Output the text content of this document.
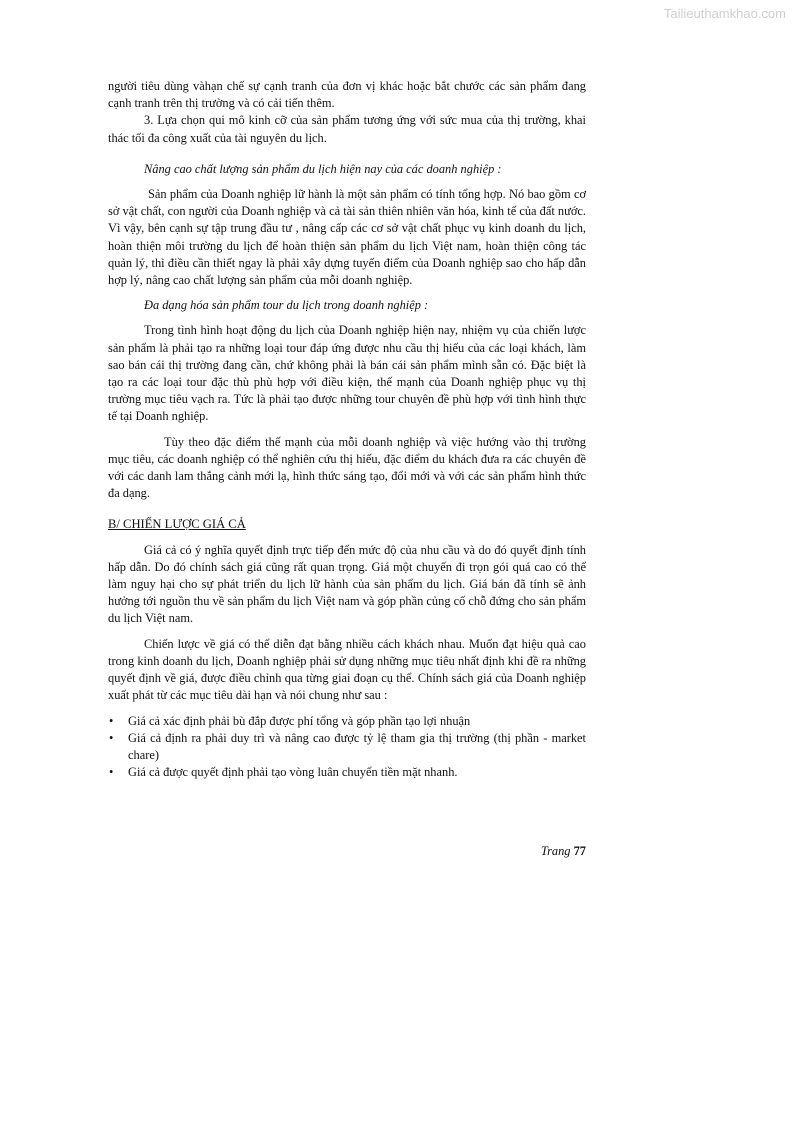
Tailieuthamkhao.com

người tiêu dùng vàhạn chế sự cạnh tranh của đơn vị khác hoặc bắt chước các sản phẩm đang cạnh tranh trên thị trường và có cải tiến thêm.

3. Lựa chọn qui mô kinh cỡ của sản phẩm tương ứng với sức mua của thị trường, khai thác tối đa công xuất của tài nguyên du lịch.

Nâng cao chất lượng sản phẩm du lịch hiện nay của các doanh nghiệp :

Sản phẩm của Doanh nghiệp lữ hành là một sản phẩm có tính tổng hợp. Nó bao gồm cơ sở vật chất, con người của Doanh nghiệp và cả tài sản thiên nhiên văn hóa, kinh tế của đất nước. Vì vậy, bên cạnh sự tập trung đầu tư , nâng cấp các cơ sở vật chất phục vụ kinh doanh du lịch, hoàn thiện môi trường du lịch để hoàn thiện sản phẩm du lịch Việt nam, hoàn thiện công tác quản lý, thì điều cần thiết ngay là phải xây dựng tuyến điểm của Doanh nghiệp sao cho hấp dẫn hợp lý, nâng cao chất lượng sản phẩm của mỗi doanh nghiệp.

Đa dạng hóa sản phẩm tour du lịch trong doanh nghiệp :

Trong tình hình hoạt động du lịch của Doanh nghiệp hiện nay, nhiệm vụ của chiến lược sản phẩm là phải tạo ra những loại tour đáp ứng được nhu cầu thị hiếu của các loại khách, làm sao bán cái thị trường đang cần, chứ không phải là bán cái sản phẩm mình sẵn có. Đặc biệt là tạo ra các loại tour đặc thù phù hợp với điều kiện, thế mạnh của Doanh nghiệp phục vụ thị trường mục tiêu vạch ra. Tức là phải tạo được những tour chuyên đề phù hợp với tình hình thực tế tại Doanh nghiệp.

Tùy theo đặc điểm thế mạnh của mỗi doanh nghiệp và việc hướng vào thị trường mục tiêu, các doanh nghiệp có thể nghiên cứu thị hiếu, đặc điểm du khách đưa ra các chuyên đề với các danh lam thắng cảnh mới lạ, hình thức sáng tạo, đổi mới và với các sản phẩm hình thức đa dạng.

B/ CHIẾN LƯỢC GIÁ CẢ

Giá cả có ý nghĩa quyết định trực tiếp đến mức độ của nhu cầu và do đó quyết định tính hấp dẫn. Do đó chính sách giá cũng rất quan trọng. Giá một chuyến đi trọn gói quá cao có thể làm nguy hại cho sự phát triển du lịch lữ hành của sản phẩm du lịch. Giá bán đã tính sẽ ảnh hưởng tới nguồn thu về sản phẩm du lịch Việt nam và góp phần củng cố chỗ đứng cho sản phẩm du lịch Việt nam.

Chiến lược về giá có thể diễn đạt bằng nhiều cách khách nhau. Muốn đạt hiệu quả cao trong kinh doanh du lịch, Doanh nghiệp phải sử dụng những mục tiêu nhất định khi đề ra những quyết định về giá, được điều chỉnh qua từng giai đoạn cụ thể. Chính sách giá của Doanh nghiệp xuất phát từ các mục tiêu dài hạn và nói chung như sau :

• Giá cả xác định phải bù đắp được phí tổng và góp phần tạo lợi nhuận
• Giá cả định ra phải duy trì và nâng cao được tỷ lệ tham gia thị trường (thị phần - market chare)
• Giá cả được quyết định phải tạo vòng luân chuyển tiền mặt nhanh.
Trang 77
